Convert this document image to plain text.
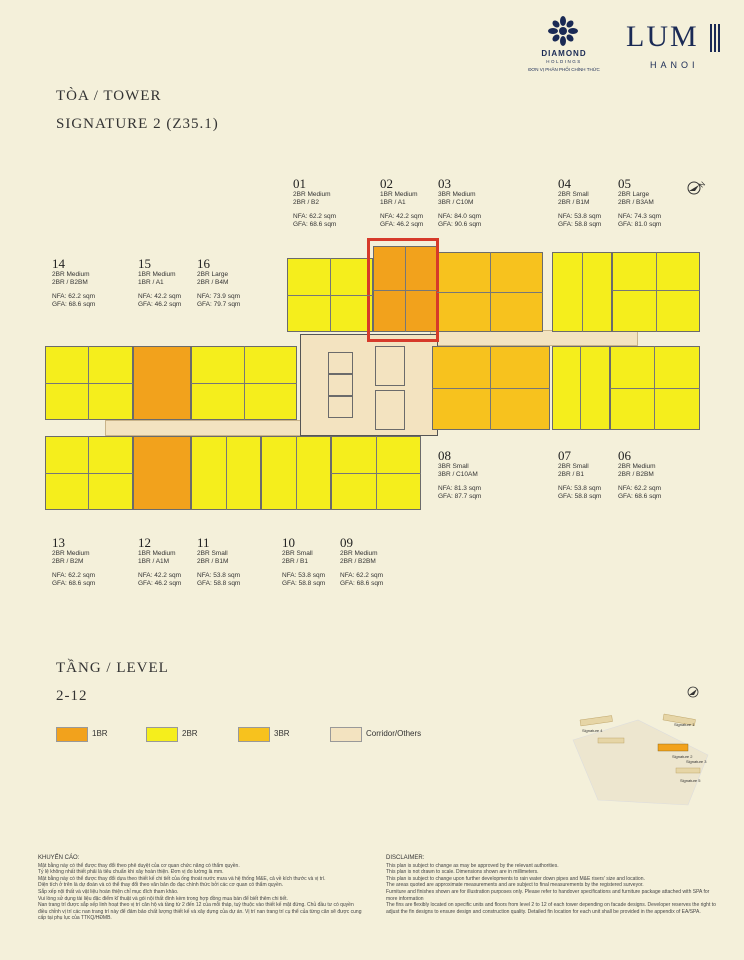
DIAMOND
HOLDINGS
ĐƠN VỊ PHÂN PHỐI CHÍNH THỨC
LUM
HANOI
TÒA / TOWER
SIGNATURE 2 (Z35.1)
N
01
2BR Medium
2BR / B2
NFA: 62.2 sqm
GFA: 68.6 sqm
02
1BR Medium
1BR / A1
NFA: 42.2 sqm
GFA: 46.2 sqm
03
3BR Medium
3BR / C10M
NFA: 84.0 sqm
GFA: 90.6 sqm
04
2BR Small
2BR / B1M
NFA: 53.8 sqm
GFA: 58.8 sqm
05
2BR Large
2BR / B3AM
NFA: 74.3 sqm
GFA: 81.0 sqm
14
2BR Medium
2BR / B2BM
NFA: 62.2 sqm
GFA: 68.6 sqm
15
1BR Medium
1BR / A1
NFA: 42.2 sqm
GFA: 46.2 sqm
16
2BR Large
2BR / B4M
NFA: 73.9 sqm
GFA: 79.7 sqm
08
3BR Small
3BR / C10AM
NFA: 81.3 sqm
GFA: 87.7 sqm
07
2BR Small
2BR / B1
NFA: 53.8 sqm
GFA: 58.8 sqm
06
2BR Medium
2BR / B2BM
NFA: 62.2 sqm
GFA: 68.6 sqm
13
2BR Medium
2BR / B2M
NFA: 62.2 sqm
GFA: 68.6 sqm
12
1BR Medium
1BR / A1M
NFA: 42.2 sqm
GFA: 46.2 sqm
11
2BR Small
2BR / B1M
NFA: 53.8 sqm
GFA: 58.8 sqm
10
2BR Small
2BR / B1
NFA: 53.8 sqm
GFA: 58.8 sqm
09
2BR Medium
2BR / B2BM
NFA: 62.2 sqm
GFA: 68.6 sqm
TẦNG / LEVEL
2-12
1BR	2BR	3BR	Corridor/Others
Signature 1
Signature 2
Signature 3
Signature 4
Signature 5
KHUYẾN CÁO:
Mặt bằng này có thể được thay đổi theo phê duyệt của cơ quan chức năng có thẩm quyền.
Tỷ lệ không nhất thiết phải là tiêu chuẩn khi xây hoàn thiện. Đơn vị đo lường là mm.
Mặt bằng này có thể được thay đổi dựa theo thiết kế chi tiết của ống thoát nước mưa và hệ thống M&E, cả về kích thước và vị trí.
Diện tích ở trên là dự đoán và có thể thay đổi theo văn bản đo đạc chính thức bởi các cơ quan có thẩm quyền.
Sắp xếp nội thất và vật liệu hoàn thiện chỉ mục đích tham khảo.
Vui lòng sử dụng tài liệu đặc điểm kĩ thuật và gói nội thất đính kèm trong hợp đồng mua bán để biết thêm chi tiết.
Nan trang trí được sắp xếp linh hoạt theo vị trí căn hộ và tầng từ 2 đến 12 của mỗi tháp, tuỳ thuộc vào thiết kế mặt đứng. Chủ đầu tư có quyền điều chỉnh vị trí các nan trang trí này để đảm bảo chất lượng thiết kế và xây dựng của dự án. Vị trí nan trang trí cụ thể của từng căn sẽ được cung cấp tại phụ lục của TTKQ/HĐMB.
DISCLAIMER:
This plan is subject to change as may be approved by the relevant authorities.
This plan is not drawn to scale. Dimensions shown are in millimeters.
This plan is subject to change upon further developments to rain water down pipes and M&E risers' size and location.
The areas quoted are approximate measurements and are subject to final measurements by the registered surveyor.
Furniture and finishes shown are for illustration purposes only. Please refer to handover specifications and furniture package attached with SPA for more information
The fins are flexibly located on specific units and floors from level 2 to 12 of each tower depending on facade designs. Developer reserves the right to adjust the fin designs to ensure design and construction quality. Detailed fin location for each unit shall be provided in the appendix of EA/SPA.
